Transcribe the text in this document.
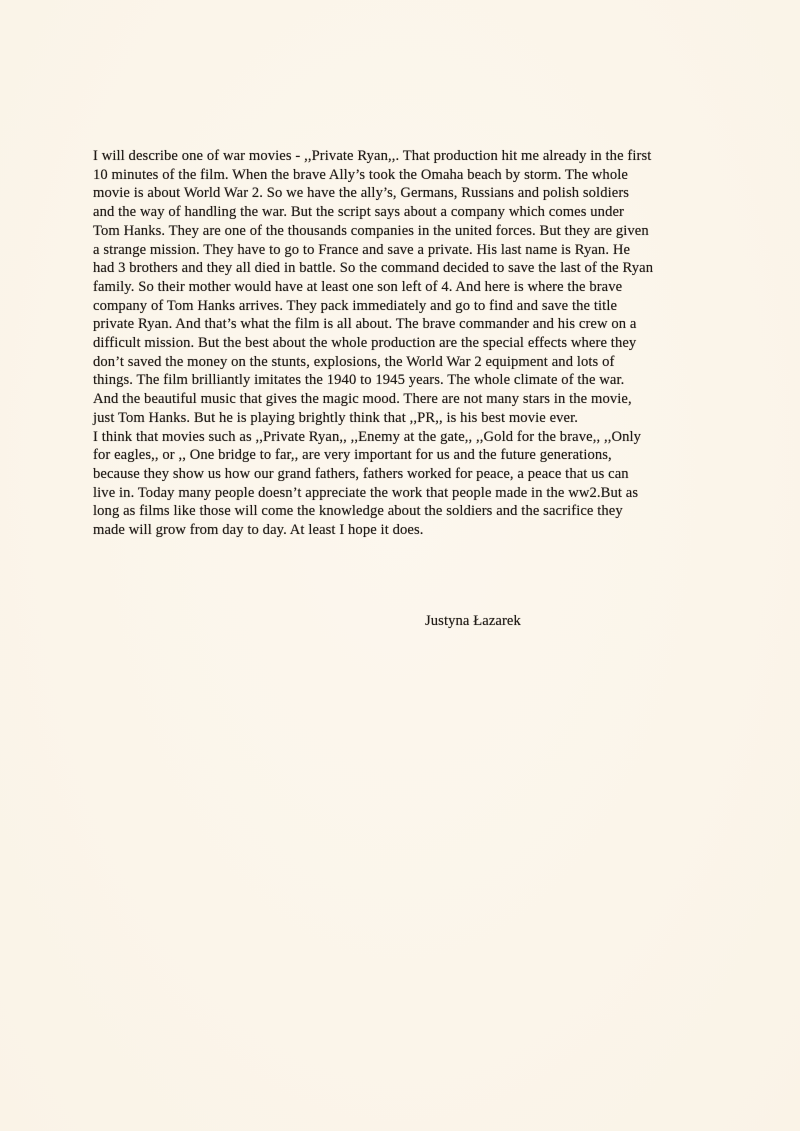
I will describe one of war movies - ,,Private Ryan,,. That production hit me already in the first
10 minutes of the film. When the brave Ally’s took the Omaha beach by storm. The whole
movie is about World War 2. So we have the ally’s, Germans, Russians and polish soldiers
and the way of handling the war. But the script says about a company which comes under
Tom Hanks. They are one of the thousands companies in the united forces. But they are given
a strange mission. They have to go to France and save a private. His last name is Ryan. He
had 3 brothers and they all died in battle. So the command decided to save the last of the Ryan
family. So their mother would have at least one son left of 4. And here is where the brave
company of Tom Hanks arrives. They pack immediately and go to find and save the title
private Ryan. And that’s what the film is all about. The brave commander and his crew on a
difficult mission. But the best about the whole production are the special effects where they
don’t saved the money on the stunts, explosions, the World War 2 equipment and lots of
things. The film brilliantly imitates the 1940 to 1945 years. The whole climate of the war.
And the beautiful music that gives the magic mood. There are not many stars in the movie,
just Tom Hanks. But he is playing brightly think that ,,PR,, is his best movie ever.
I think that movies such as ,,Private Ryan,, ,,Enemy at the gate,, ,,Gold for the brave,, ,,Only
for eagles,, or ,, One bridge to far,, are very important for us and the future generations,
because they show us how our grand fathers, fathers worked for peace, a peace that us can
live in. Today many people doesn’t appreciate the work that people made in the ww2.But as
long as films like those will come the knowledge about the soldiers and the sacrifice they
made will grow from day to day. At least I hope it does.
Justyna Łazarek
